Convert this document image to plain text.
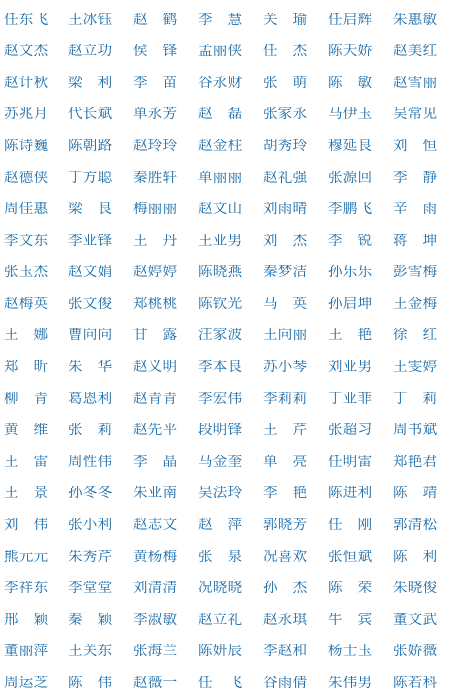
任东飞	王冰钰	赵　鹤	李　慧	关　瑜	任启辉	朱惠敏
赵文杰	赵立功	侯　锋	孟丽侠	任　杰	陈天娇	赵美红
赵计秋	梁　利	李　苗	谷永财	张　萌	陈　敏	赵雪丽
苏兆月	代长斌	单永芳	赵　磊	张家永	马伊玉	吴常见
陈诗巍	陈朝路	赵玲玲	赵金柱	胡秀玲	穆延良	刘　恒
赵德侠	丁方聪	秦胜轩	单丽丽	赵礼强	张源回	李　静
周佳惠	梁　良	梅丽丽	赵文山	刘雨晴	李鹏飞	辛　雨
李文东	李亚锋	王　丹	王亚男	刘　杰	李　锐	蒋　坤
张玉杰	赵文娟	赵婷婷	陈晓燕	秦梦洁	孙乐乐	彭雪梅
赵梅英	张文俊	郑桃桃	陈钦光	马　英	孙启坤	王金梅
王　娜	曹向向	甘　露	汪家波	王向丽	王　艳	徐　红
郑　昕	朱　华	赵义明	李本良	苏小琴	刘亚男	王雯婷
柳　青	葛恩利	赵青青	李宏伟	李莉莉	丁亚菲	丁　莉
黄　维	张　莉	赵先平	段明锋	王　芹	张超习	周书斌
王　雷	周性伟	李　晶	马金奎	单　亮	任明雷	郑艳君
王　景	孙冬冬	朱亚南	吴法玲	李　艳	陈进利	陈　靖
刘　伟	张小利	赵志文	赵　萍	郭晓芳	任　刚	郭清松
熊元元	朱秀芹	黄杨梅	张　泉	况喜欢	张恒斌	陈　利
李祥东	李堂堂	刘清清	况晓晓	孙　杰	陈　荣	朱晓俊
邢　颖	秦　颖	李淑敏	赵立礼	赵永琪	牛　宾	董文武
董丽萍	王关东	张海兰	陈妍辰	李赵和	杨士玉	张娇薇
周运芝	陈　伟	赵薇一	任　飞	谷雨倩	朱伟男	陈若科
